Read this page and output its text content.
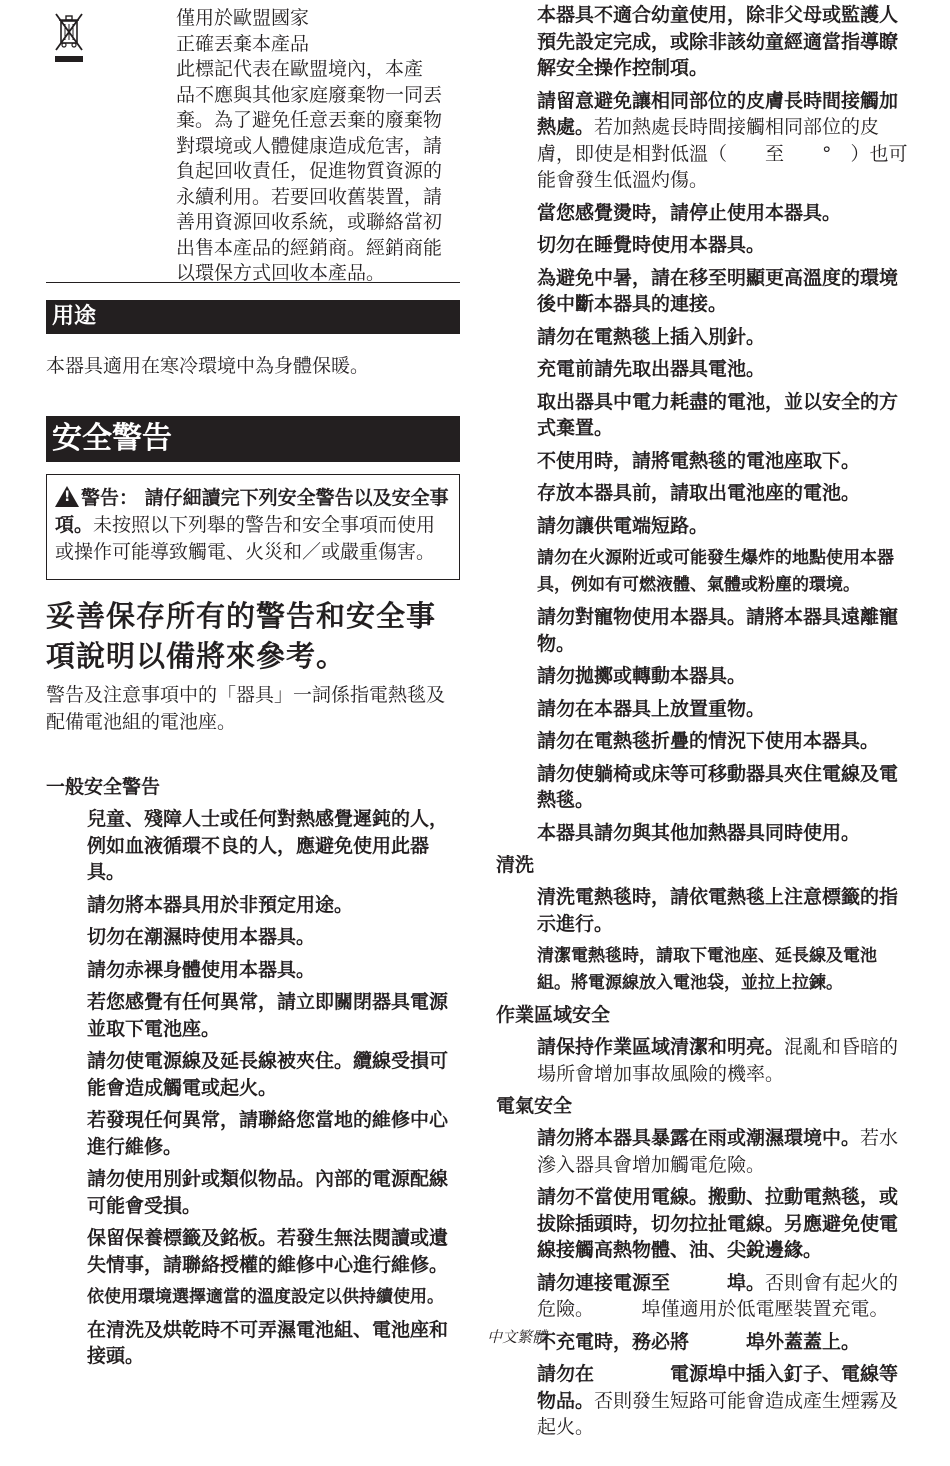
僅用於歐盟國家
正確丟棄本產品
此標記代表在歐盟境內，本產
品不應與其他家庭廢棄物一同丟
棄。為了避免任意丟棄的廢棄物
對環境或人體健康造成危害，請
負起回收責任，促進物質資源的
永續利用。若要回收舊裝置，請
善用資源回收系統，或聯絡當初
出售本產品的經銷商。經銷商能
以環保方式回收本產品。
用途
本器具適用在寒冷環境中為身體保暖。
安全警告
! 警告： 請仔細讀完下列安全警告以及安全事項。未按照以下列舉的警告和安全事項而使用或操作可能導致觸電、火災和／或嚴重傷害。
妥善保存所有的警告和安全事項說明以備將來參考。
警告及注意事項中的「器具」一詞係指電熱毯及配備電池組的電池座。
一般安全警告
兒童、殘障人士或任何對熱感覺遲鈍的人，例如血液循環不良的人，應避免使用此器具。
請勿將本器具用於非預定用途。
切勿在潮濕時使用本器具。
請勿赤裸身體使用本器具。
若您感覺有任何異常，請立即關閉器具電源並取下電池座。
請勿使電源線及延長線被夾住。纜線受損可能會造成觸電或起火。
若發現任何異常，請聯絡您當地的維修中心進行維修。
請勿使用別針或類似物品。內部的電源配線可能會受損。
保留保養標籤及銘板。若發生無法閱讀或遺失情事，請聯絡授權的維修中心進行維修。
依使用環境選擇適當的溫度設定以供持續使用。
在清洗及烘乾時不可弄濕電池組、電池座和接頭。
本器具不適合幼童使用，除非父母或監護人預先設定完成，或除非該幼童經適當指導瞭解安全操作控制項。
請留意避免讓相同部位的皮膚長時間接觸加熱處。若加熱處長時間接觸相同部位的皮膚，即使是相對低溫（　　至　　°　）也可能會發生低溫灼傷。
當您感覺燙時，請停止使用本器具。
切勿在睡覺時使用本器具。
為避免中暑，請在移至明顯更高溫度的環境後中斷本器具的連接。
請勿在電熱毯上插入別針。
充電前請先取出器具電池。
取出器具中電力耗盡的電池，並以安全的方式棄置。
不使用時，請將電熱毯的電池座取下。
存放本器具前，請取出電池座的電池。
請勿讓供電端短路。
請勿在火源附近或可能發生爆炸的地點使用本器具，例如有可燃液體、氣體或粉塵的環境。
請勿對寵物使用本器具。請將本器具遠離寵物。
請勿拋擲或轉動本器具。
請勿在本器具上放置重物。
請勿在電熱毯折疊的情況下使用本器具。
請勿使躺椅或床等可移動器具夾住電線及電熱毯。
本器具請勿與其他加熱器具同時使用。
清洗
清洗電熱毯時，請依電熱毯上注意標籤的指示進行。
清潔電熱毯時，請取下電池座、延長線及電池組。將電源線放入電池袋，並拉上拉鍊。
作業區域安全
請保持作業區域清潔和明亮。混亂和昏暗的場所會增加事故風險的機率。
電氣安全
請勿將本器具暴露在雨或潮濕環境中。若水滲入器具會增加觸電危險。
請勿不當使用電線。搬動、拉動電熱毯，或拔除插頭時，切勿拉扯電線。另應避免使電線接觸高熱物體、油、尖銳邊緣。
請勿連接電源至　　　埠。否則會有起火的危險。　　　埠僅適用於低電壓裝置充電。
不充電時，務必將　　　埠外蓋蓋上。
請勿在　　　　電源埠中插入釘子、電線等物品。否則發生短路可能會造成產生煙霧及起火。
中文繁體
